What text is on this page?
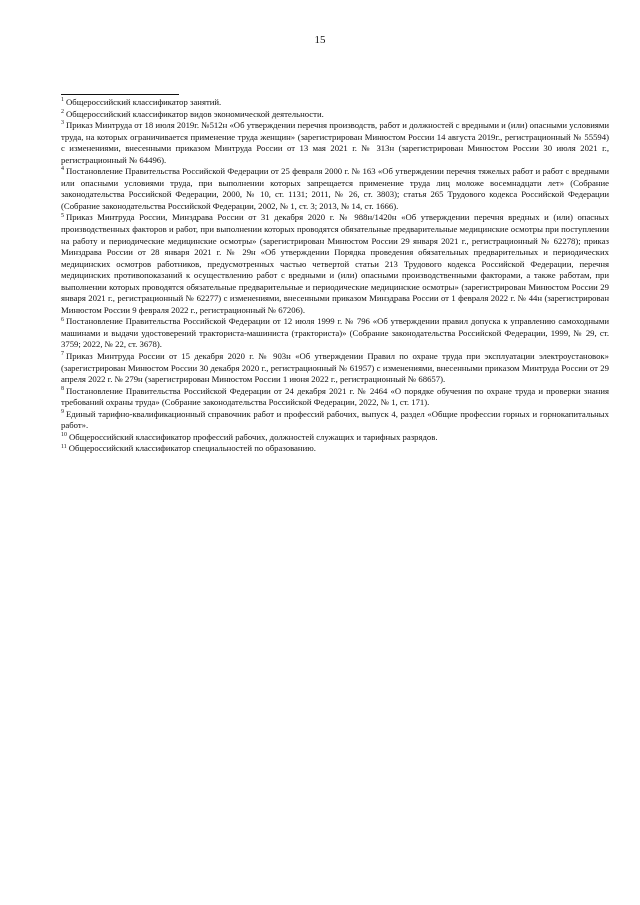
15

$^1$ Общероссийский классификатор занятий.

$^2$ Общероссийский классификатор видов экономической деятельности.

$^3$ Приказ Минтруда от 18 июля 2019г. №512н «Об утверждении перечня производств, работ и должностей с вредными и (или) опасными условиями труда, на которых ограничивается применение труда женщин» (зарегистрирован Минюстом России 14 августа 2019г., регистрационный № 55594) с изменениями, внесенными приказом Минтруда России от 13 мая 2021 г. № 313н (зарегистрирован Минюстом России 30 июля 2021 г., регистрационный № 64496).

$^4$ Постановление Правительства Российской Федерации от 25 февраля 2000 г. № 163 «Об утверждении перечня тяжелых работ и работ с вредными или опасными условиями труда, при выполнении которых запрещается применение труда лиц моложе восемнадцати лет» (Собрание законодательства Российской Федерации, 2000, № 10, ст. 1131; 2011, № 26, ст. 3803); статья 265 Трудового кодекса Российской Федерации (Собрание законодательства Российской Федерации, 2002, № 1, ст. 3; 2013, № 14, ст. 1666).

$^5$ Приказ Минтруда России, Минздрава России от 31 декабря 2020 г. № 988н/1420н «Об утверждении перечня вредных и (или) опасных производственных факторов и работ, при выполнении которых проводятся обязательные предварительные медицинские осмотры при поступлении на работу и периодические медицинские осмотры» (зарегистрирован Минюстом России 29 января 2021 г., регистрационный № 62278); приказ Минздрава России от 28 января 2021 г. № 29н «Об утверждении Порядка проведения обязательных предварительных и периодических медицинских осмотров работников, предусмотренных частью четвертой статьи 213 Трудового кодекса Российской Федерации, перечня медицинских противопоказаний к осуществлению работ с вредными и (или) опасными производственными факторами, а также работам, при выполнении которых проводятся обязательные предварительные и периодические медицинские осмотры» (зарегистрирован Минюстом России 29 января 2021 г., регистрационный № 62277) с изменениями, внесенными приказом Минздрава России от 1 февраля 2022 г. № 44н (зарегистрирован Минюстом России 9 февраля 2022 г., регистрационный № 67206).

$^6$ Постановление Правительства Российской Федерации от 12 июля 1999 г. № 796 «Об утверждении правил допуска к управлению самоходными машинами и выдачи удостоверений тракториста-машиниста (тракториста)» (Собрание законодательства Российской Федерации, 1999, № 29, ст. 3759; 2022, № 22, ст. 3678).

$^7$ Приказ Минтруда России от 15 декабря 2020 г. № 903н «Об утверждении Правил по охране труда при эксплуатации электроустановок» (зарегистрирован Минюстом России 30 декабря 2020 г., регистрационный № 61957) с изменениями, внесенными приказом Минтруда России от 29 апреля 2022 г. № 279н (зарегистрирован Минюстом России 1 июня 2022 г., регистрационный № 68657).

$^8$ Постановление Правительства Российской Федерации от 24 декабря 2021 г. № 2464 «О порядке обучения по охране труда и проверки знания требований охраны труда» (Собрание законодательства Российской Федерации, 2022, № 1, ст. 171).

$^9$ Единый тарифно-квалификационный справочник работ и профессий рабочих, выпуск 4, раздел «Общие профессии горных и горнокапитальных работ».

$^{10}$ Общероссийский классификатор профессий рабочих, должностей служащих и тарифных разрядов.

$^{11}$ Общероссийский классификатор специальностей по образованию.
